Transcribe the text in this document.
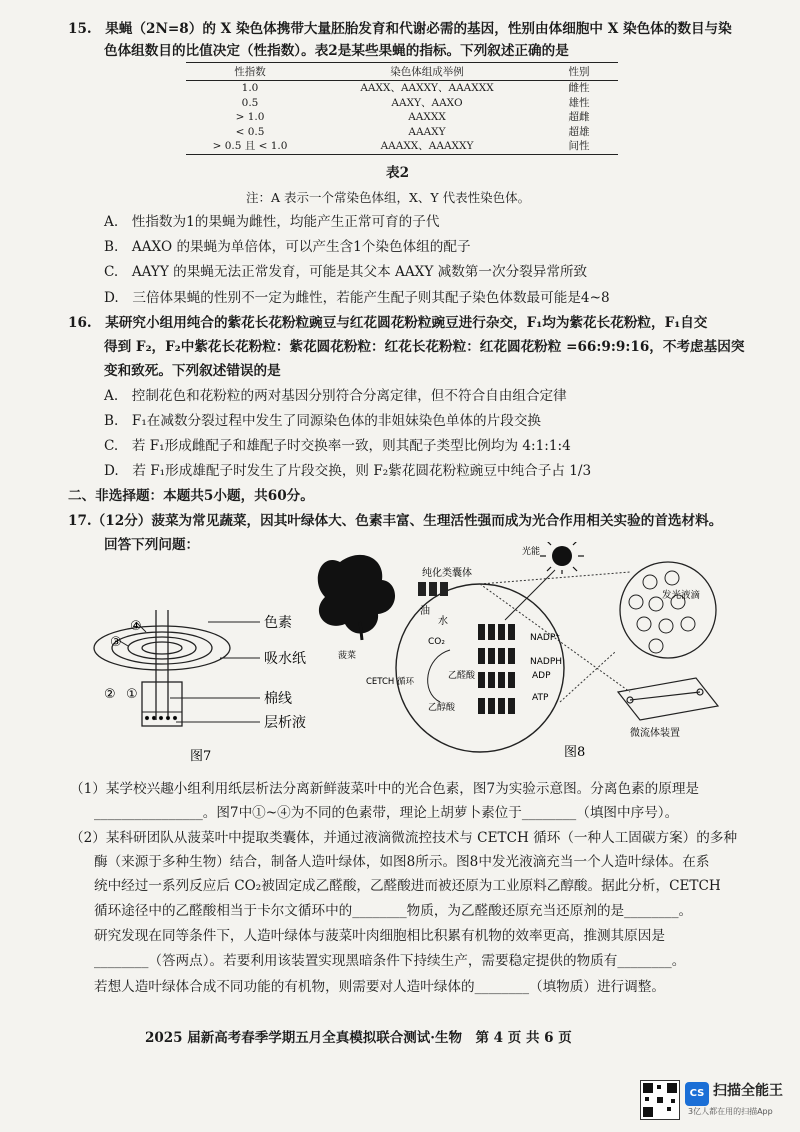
15.　果蝇（2N=8）的 X 染色体携带大量胚胎发育和代谢必需的基因，性别由体细胞中 X 染色体的数目与染
色体组数目的比值决定（性指数）。表2是某些果蝇的指标。下列叙述正确的是
性指数	染色体组成举例	性别
1.0	AAXX、AAXXY、AAAXXX	雌性
0.5	AAXY、AAXO	雄性
> 1.0	AAXXX	超雌
< 0.5	AAAXY	超雄
> 0.5 且 < 1.0	AAAXX、AAAXXY	间性
表2
注：A 表示一个常染色体组，X、Y 代表性染色体。
A.　性指数为1的果蝇为雌性，均能产生正常可育的子代
B.　AAXO 的果蝇为单倍体，可以产生含1个染色体组的配子
C.　AAYY 的果蝇无法正常发育，可能是其父本 AAXY 减数第一次分裂异常所致
D.　三倍体果蝇的性别不一定为雌性，若能产生配子则其配子染色体数最可能是4~8
16.　某研究小组用纯合的紫花长花粉粒豌豆与红花圆花粉粒豌豆进行杂交，F₁均为紫花长花粉粒，F₁自交
得到 F₂，F₂中紫花长花粉粒：紫花圆花粉粒：红花长花粉粒：红花圆花粉粒 =66:9:9:16，不考虑基因突
变和致死。下列叙述错误的是
A.　控制花色和花粉粒的两对基因分别符合分离定律，但不符合自由组合定律
B.　F₁在减数分裂过程中发生了同源染色体的非姐妹染色单体的片段交换
C.　若 F₁形成雌配子和雄配子时交换率一致，则其配子类型比例均为 4:1:1:4
D.　若 F₁形成雄配子时发生了片段交换，则 F₂紫花圆花粉粒豌豆中纯合子占 1/3
二、非选择题：本题共5小题，共60分。
17.（12分）菠菜为常见蔬菜，因其叶绿体大、色素丰富、生理活性强而成为光合作用相关实验的首选材料。
回答下列问题：
④
③
② ①
色素
吸水纸
棉线
层析液
图7
菠菜
纯化类囊体
油
水
NADP⁺
NADPH
ADP
ATP
CO₂
CETCH 循环
乙醛酸
乙醇酸
光能
发光液滴
微流体装置
图8
（1）某学校兴趣小组利用纸层析法分离新鲜菠菜叶中的光合色素，图7为实验示意图。分离色素的原理是
________________。图7中①~④为不同的色素带，理论上胡萝卜素位于________（填图中序号）。
（2）某科研团队从菠菜叶中提取类囊体，并通过液滴微流控技术与 CETCH 循环（一种人工固碳方案）的多种
酶（来源于多种生物）结合，制备人造叶绿体，如图8所示。图8中发光液滴充当一个人造叶绿体。在系
统中经过一系列反应后 CO₂被固定成乙醛酸，乙醛酸进而被还原为工业原料乙醇酸。据此分析，CETCH
循环途径中的乙醛酸相当于卡尔文循环中的________物质，为乙醛酸还原充当还原剂的是________。
研究发现在同等条件下，人造叶绿体与菠菜叶肉细胞相比积累有机物的效率更高，推测其原因是
________（答两点）。若要利用该装置实现黑暗条件下持续生产，需要稳定提供的物质有________。
若想人造叶绿体合成不同功能的有机物，则需要对人造叶绿体的________（填物质）进行调整。
2025 届新高考春季学期五月全真模拟联合测试·生物　第 4 页 共 6 页
CS 扫描全能王
3亿人都在用的扫描App
